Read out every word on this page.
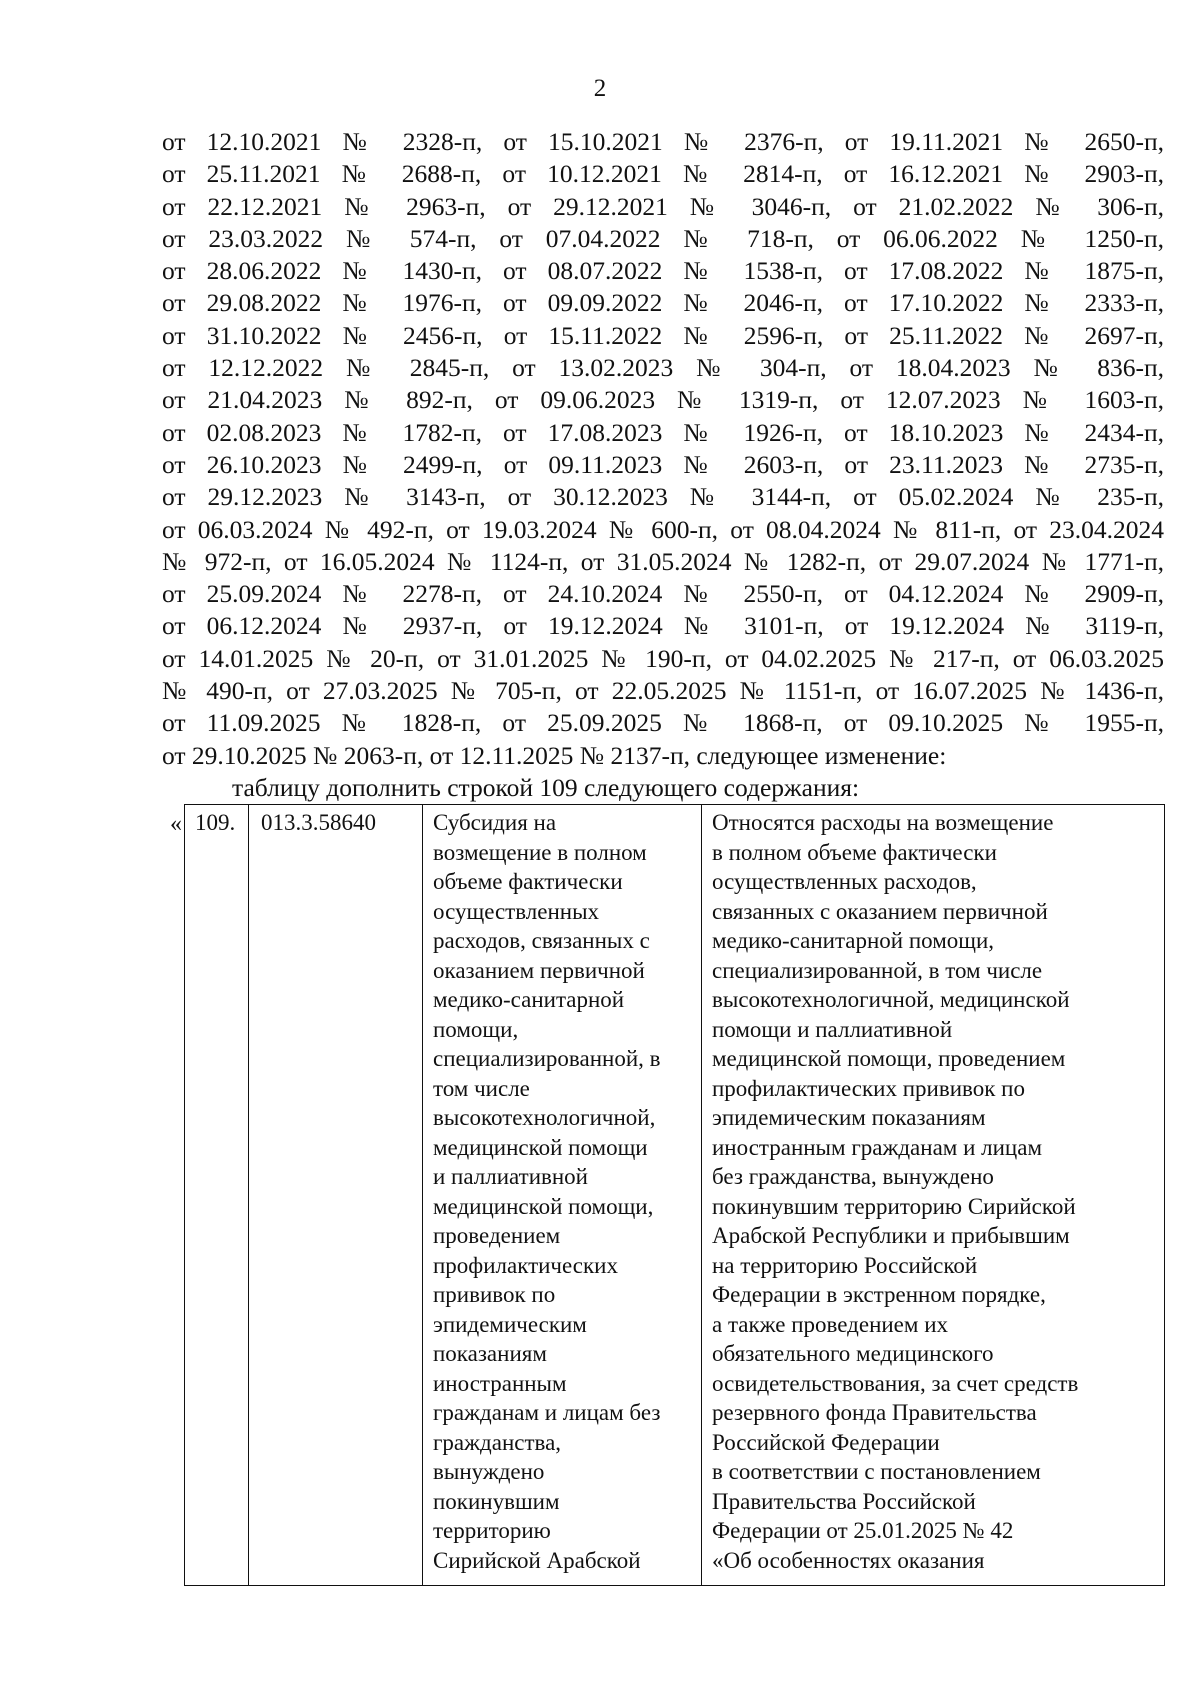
2
от 12.10.2021 № 2328-п, от 15.10.2021 № 2376-п, от 19.11.2021 № 2650-п,
от 25.11.2021 № 2688-п, от 10.12.2021 № 2814-п, от 16.12.2021 № 2903-п,
от 22.12.2021 № 2963-п, от 29.12.2021 № 3046-п, от 21.02.2022 № 306-п,
от 23.03.2022 № 574-п, от 07.04.2022 № 718-п, от 06.06.2022 № 1250-п,
от 28.06.2022 № 1430-п, от 08.07.2022 № 1538-п, от 17.08.2022 № 1875-п,
от 29.08.2022 № 1976-п, от 09.09.2022 № 2046-п, от 17.10.2022 № 2333-п,
от 31.10.2022 № 2456-п, от 15.11.2022 № 2596-п, от 25.11.2022 № 2697-п,
от 12.12.2022 № 2845-п, от 13.02.2023 № 304-п, от 18.04.2023 № 836-п,
от 21.04.2023 № 892-п, от 09.06.2023 № 1319-п, от 12.07.2023 № 1603-п,
от 02.08.2023 № 1782-п, от 17.08.2023 № 1926-п, от 18.10.2023 № 2434-п,
от 26.10.2023 № 2499-п, от 09.11.2023 № 2603-п, от 23.11.2023 № 2735-п,
от 29.12.2023 № 3143-п, от 30.12.2023 № 3144-п, от 05.02.2024 № 235-п,
от 06.03.2024 № 492-п, от 19.03.2024 № 600-п, от 08.04.2024 № 811-п, от 23.04.2024
№ 972-п, от 16.05.2024 № 1124-п, от 31.05.2024 № 1282-п, от 29.07.2024 № 1771-п,
от 25.09.2024 № 2278-п, от 24.10.2024 № 2550-п, от 04.12.2024 № 2909-п,
от 06.12.2024 № 2937-п, от 19.12.2024 № 3101-п, от 19.12.2024 № 3119-п,
от 14.01.2025 № 20-п, от 31.01.2025 № 190-п, от 04.02.2025 № 217-п, от 06.03.2025
№ 490-п, от 27.03.2025 № 705-п, от 22.05.2025 № 1151-п, от 16.07.2025 № 1436-п,
от 11.09.2025 № 1828-п, от 25.09.2025 № 1868-п, от 09.10.2025 № 1955-п,
от 29.10.2025 № 2063-п, от 12.11.2025 № 2137-п, следующее изменение:
таблицу дополнить строкой 109 следующего содержания:
« 109. 013.3.58640 Субсидия на
возмещение в полном
объеме фактически
осуществленных
расходов, связанных с
оказанием первичной
медико-санитарной
помощи,
специализированной, в
том числе
высокотехнологичной,
медицинской помощи
и паллиативной
медицинской помощи,
проведением
профилактических
прививок по
эпидемическим
показаниям
иностранным
гражданам и лицам без
гражданства,
вынуждено
покинувшим
территорию
Сирийской Арабской
Относятся расходы на возмещение
в полном объеме фактически
осуществленных расходов,
связанных с оказанием первичной
медико-санитарной помощи,
специализированной, в том числе
высокотехнологичной, медицинской
помощи и паллиативной
медицинской помощи, проведением
профилактических прививок по
эпидемическим показаниям
иностранным гражданам и лицам
без гражданства, вынуждено
покинувшим территорию Сирийской
Арабской Республики и прибывшим
на территорию Российской
Федерации в экстренном порядке,
а также проведением их
обязательного медицинского
освидетельствования, за счет средств
резервного фонда Правительства
Российской Федерации
в соответствии с постановлением
Правительства Российской
Федерации от 25.01.2025 № 42
«Об особенностях оказания
